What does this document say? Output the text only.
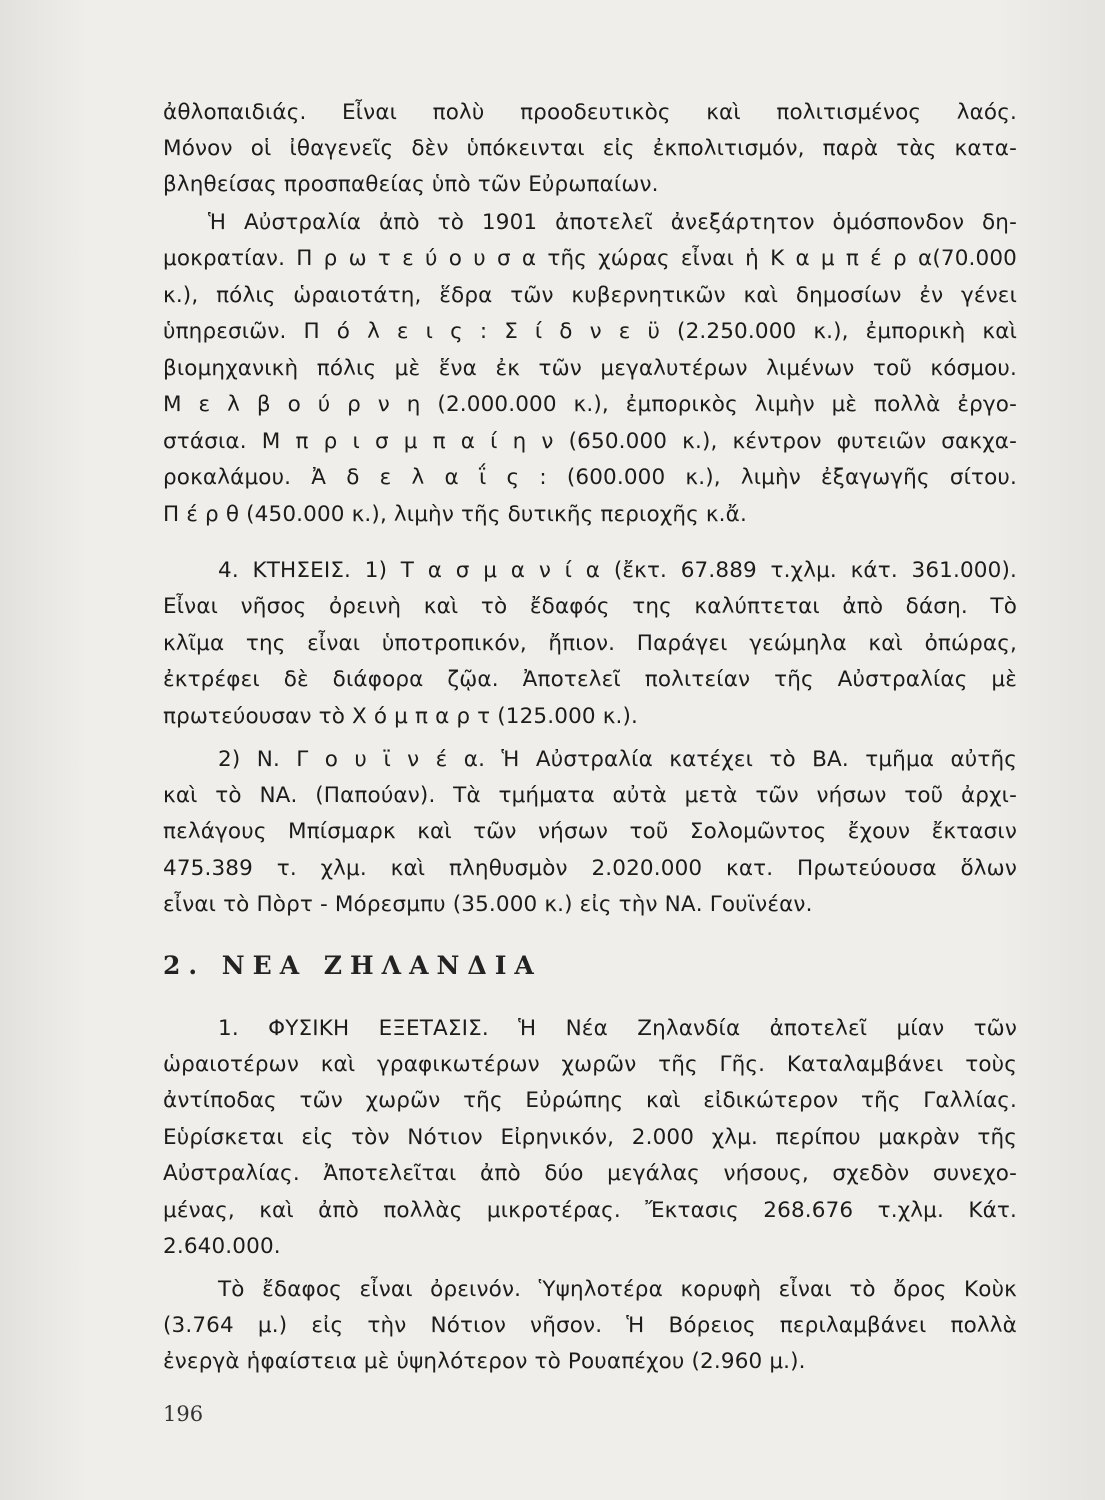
ἀθλοπαιδιάς. Εἶναι πολὺ προοδευτικὸς καὶ πολιτισμένος λαός.
Μόνον οἱ ἰθαγενεῖς δὲν ὑπόκεινται εἰς ἐκπολιτισμόν, παρὰ τὰς κατα-
βληθείσας προσπαθείας ὑπὸ τῶν Εὐρωπαίων.
Ἡ Αὐστραλία ἀπὸ τὸ 1901 ἀποτελεῖ ἀνεξάρτητον ὁμόσπονδον δη-
μοκρατίαν. Π ρ ω τ ε ύ ο υ σ α τῆς χώρας εἶναι ἡ Κ α μ π έ ρ α(70.000
κ.), πόλις ὡραιοτάτη, ἕδρα τῶν κυβερνητικῶν καὶ δημοσίων ἐν γένει
ὑπηρεσιῶν. Π ό λ ε ι ς : Σ ί δ ν ε ϋ (2.250.000 κ.), ἐμπορικὴ καὶ
βιομηχανικὴ πόλις μὲ ἕνα ἐκ τῶν μεγαλυτέρων λιμένων τοῦ κόσμου.
Μ ε λ β ο ύ ρ ν η (2.000.000 κ.), ἐμπορικὸς λιμὴν μὲ πολλὰ ἐργο-
στάσια. Μ π ρ ι σ μ π α ί η ν (650.000 κ.), κέντρον φυτειῶν σακχα-
ροκαλάμου. Ἀ δ ε λ α ΐ ς : (600.000 κ.), λιμὴν ἐξαγωγῆς σίτου.
Π έ ρ θ (450.000 κ.), λιμὴν τῆς δυτικῆς περιοχῆς κ.ἄ.
4. ΚΤΗΣΕΙΣ. 1) Τ α σ μ α ν ί α (ἔκτ. 67.889 τ.χλμ. κάτ. 361.000).
Εἶναι νῆσος ὀρεινὴ καὶ τὸ ἔδαφός της καλύπτεται ἀπὸ δάση. Τὸ
κλῖμα της εἶναι ὑποτροπικόν, ἤπιον. Παράγει γεώμηλα καὶ ὀπώρας,
ἐκτρέφει δὲ διάφορα ζῷα. Ἀποτελεῖ πολιτείαν τῆς Αὐστραλίας μὲ
πρωτεύουσαν τὸ Χ ό μ π α ρ τ (125.000 κ.).
2) Ν. Γ ο υ ϊ ν έ α. Ἡ Αὐστραλία κατέχει τὸ ΒΑ. τμῆμα αὐτῆς
καὶ τὸ ΝΑ. (Παπούαν). Τὰ τμήματα αὐτὰ μετὰ τῶν νήσων τοῦ ἀρχι-
πελάγους Μπίσμαρκ καὶ τῶν νήσων τοῦ Σολομῶντος ἔχουν ἔκτασιν
475.389 τ. χλμ. καὶ πληθυσμὸν 2.020.000 κατ. Πρωτεύουσα ὅλων
εἶναι τὸ Πὸρτ - Μόρεσμπυ (35.000 κ.) εἰς τὴν ΝΑ. Γουϊνέαν.
1. ΦΥΣΙΚΗ ΕΞΕΤΑΣΙΣ. Ἡ Νέα Ζηλανδία ἀποτελεῖ μίαν τῶν
ὡραιοτέρων καὶ γραφικωτέρων χωρῶν τῆς Γῆς. Καταλαμβάνει τοὺς
ἀντίποδας τῶν χωρῶν τῆς Εὐρώπης καὶ εἰδικώτερον τῆς Γαλλίας.
Εὑρίσκεται εἰς τὸν Νότιον Εἰρηνικόν, 2.000 χλμ. περίπου μακρὰν τῆς
Αὐστραλίας. Ἀποτελεῖται ἀπὸ δύο μεγάλας νήσους, σχεδὸν συνεχο-
μένας, καὶ ἀπὸ πολλὰς μικροτέρας. Ἔκτασις 268.676 τ.χλμ. Κάτ.
2.640.000.
Τὸ ἔδαφος εἶναι ὀρεινόν. Ὑψηλοτέρα κορυφὴ εἶναι τὸ ὄρος Κοὺκ
(3.764 μ.) εἰς τὴν Νότιον νῆσον. Ἡ Βόρειος περιλαμβάνει πολλὰ
ἐνεργὰ ἡφαίστεια μὲ ὑψηλότερον τὸ Ρουαπέχου (2.960 μ.).
2. ΝΕΑ ΖΗΛΑΝΔΙΑ
196
